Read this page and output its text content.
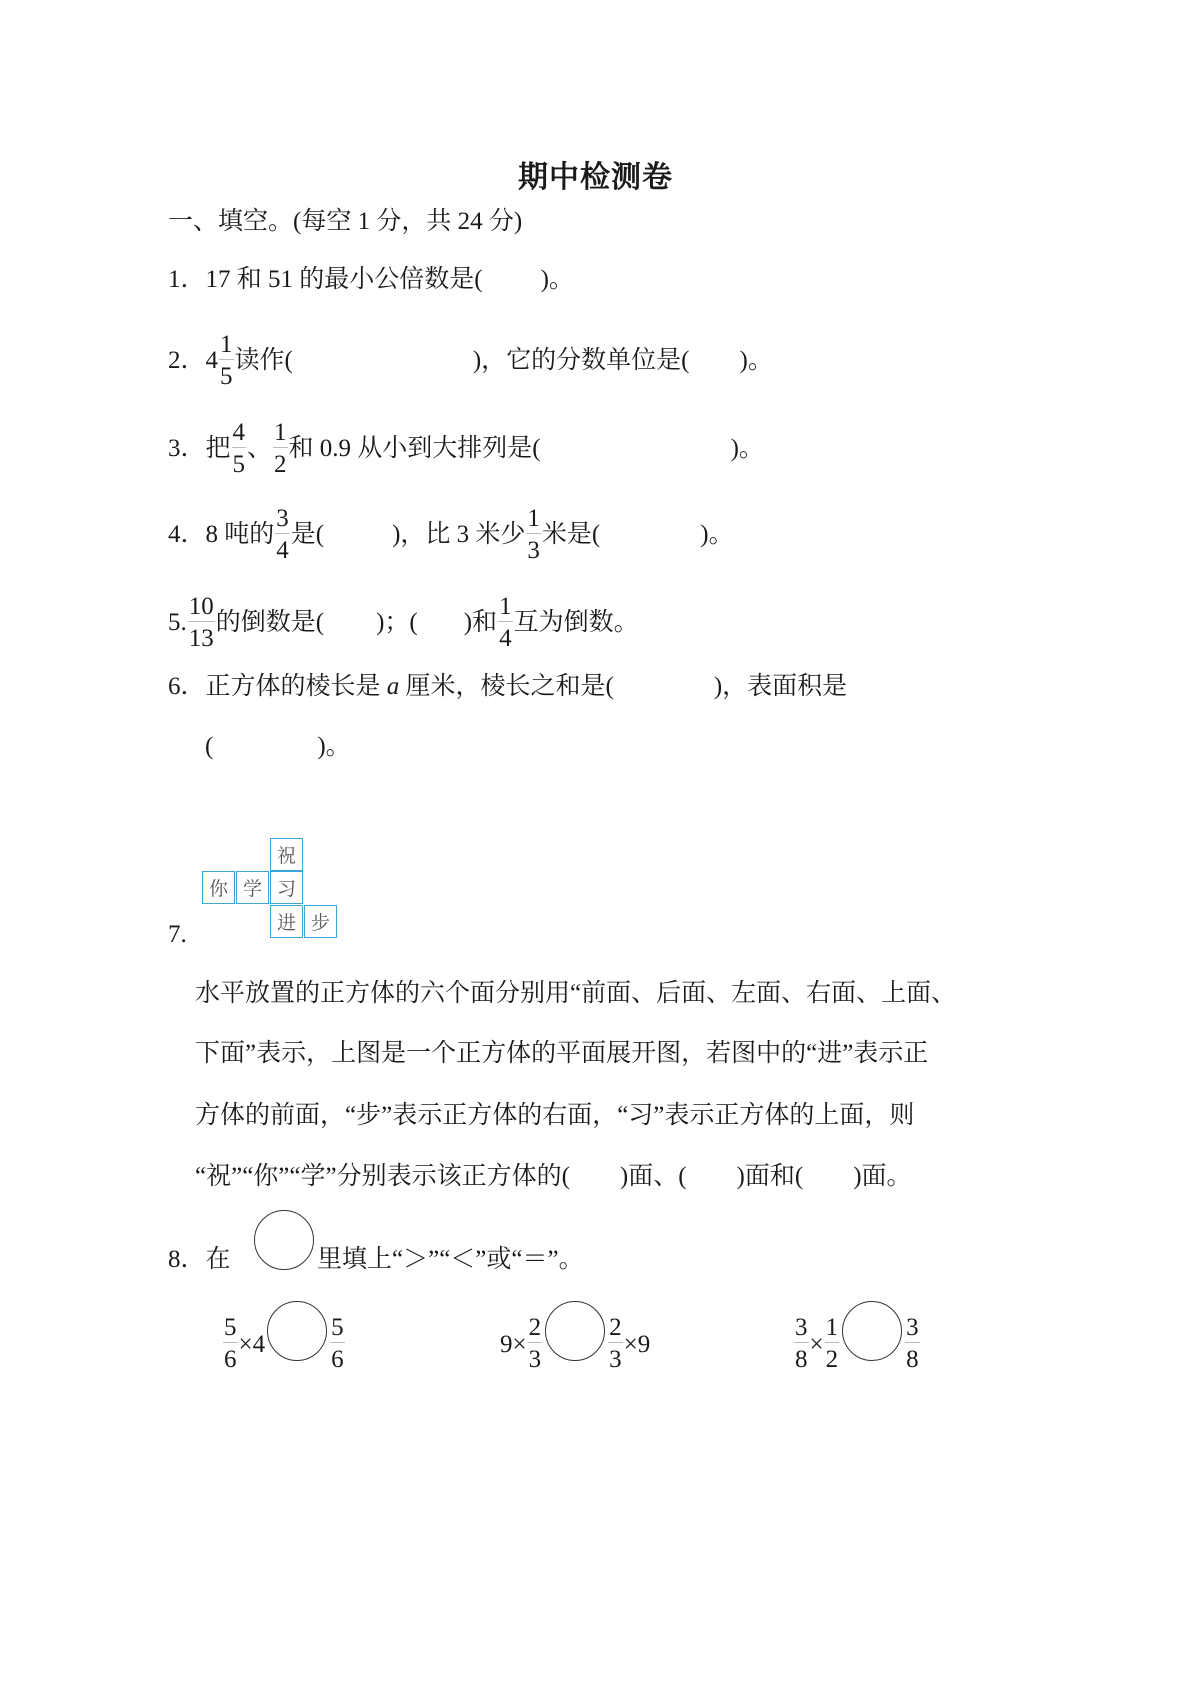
期中检测卷
一、填空。(每空 1 分，共 24 分)
1．17 和 51 的最小公倍数是( )。
2．$4 \frac{1}{5}$ 读作(	)，它的分数单位是( )。
3．把 $\frac{4}{5}$ 、 $\frac{1}{2}$ 和 0.9 从小到大排列是(	)。
4．8 吨的 $\frac{3}{4}$ 是(	)，比 3 米少 $\frac{1}{3}$ 米是(	)。
5. $\frac{10}{13}$ 的倒数是( )；( )和 $\frac{1}{4}$ 互为倒数。
6．正方体的棱长是 a 厘米，棱长之和是(	)，表面积是
(	)。
祝
你 学 习
进 步
7.
水平放置的正方体的六个面分别用“前面、后面、左面、右面、上面、
下面”表示，上图是一个正方体的平面展开图，若图中的“进”表示正
方体的前面，“步”表示正方体的右面，“习”表示正方体的上面，则
“祝”“你”“学”分别表示该正方体的(　　)面、(　　)面和(　　)面。
8．在	里填上“＞”“＜”或“＝”。
$\frac{5}{6} \times 4$	$\frac{5}{6}$	$9\times \frac{2}{3}$	$\frac{2}{3} \times 9$	$\frac{3}{8} \times \frac{1}{2}$	$\frac{3}{8}$
